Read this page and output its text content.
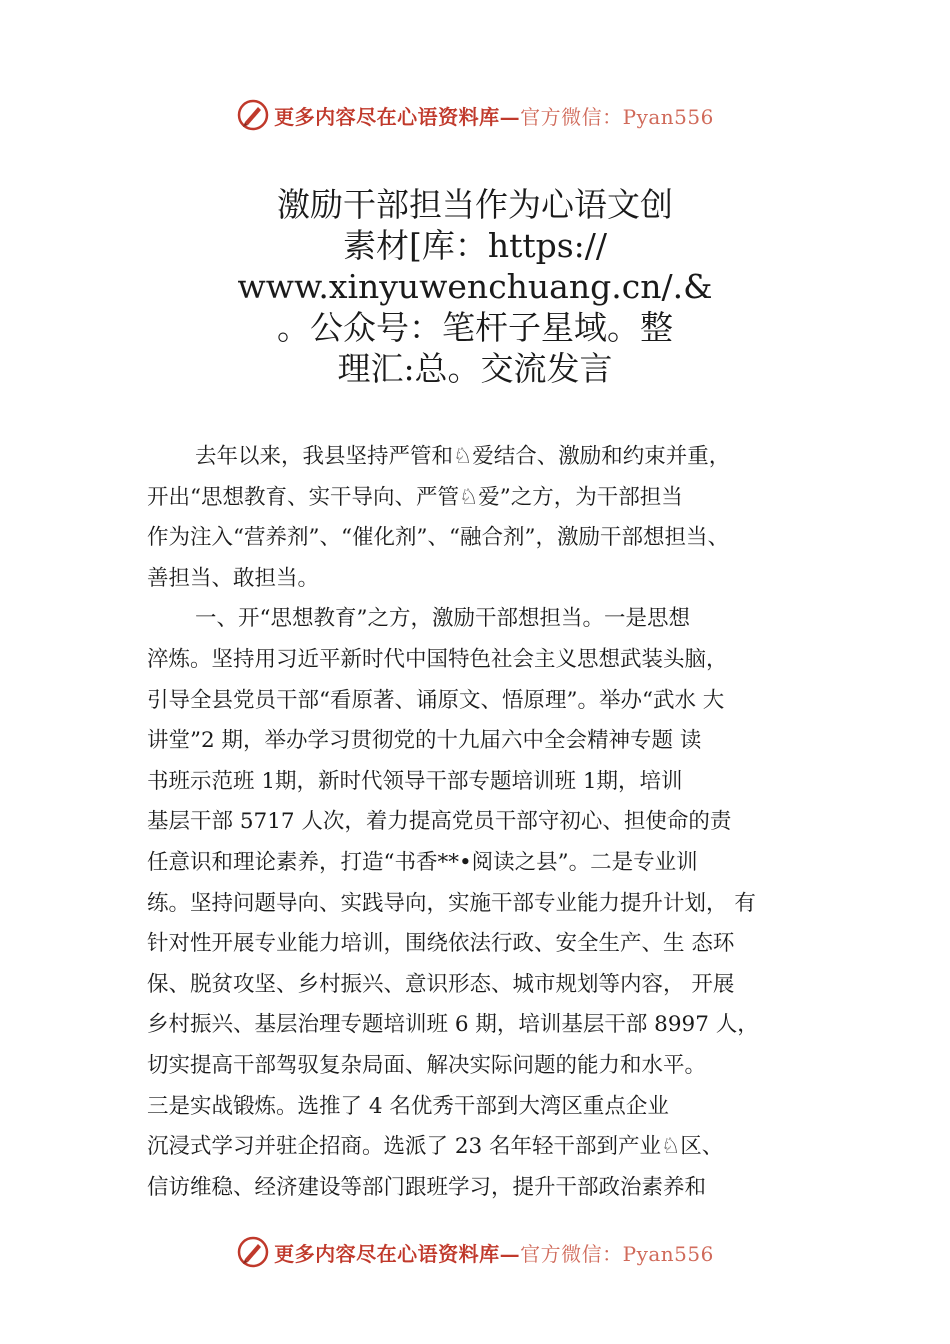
更多内容尽在心语资料库—官方微信：Pyan556
激励干部担当作为心语文创
素材[库：https://
www.xinyuwenchuang.cn/.&
。公众号：笔杆子星域。整
理汇:总。交流发言
去年以来，我县坚持严管和♘爱结合、激励和约束并重，
开出“思想教育、实干导向、严管♘爱”之方，为干部担当
作为注入“营养剂”、“催化剂”、“融合剂”，激励干部想担当、
善担当、敢担当。
一、开“思想教育”之方，激励干部想担当。一是思想
淬炼。坚持用习近平新时代中国特色社会主义思想武装头脑，
引导全县党员干部“看原著、诵原文、悟原理”。举办“武水 大
讲堂”2 期，举办学习贯彻党的十九届六中全会精神专题 读
书班示范班 1期，新时代领导干部专题培训班 1期，培训
基层干部 5717 人次，着力提高党员干部守初心、担使命的责
任意识和理论素养，打造“书香**•阅读之县”。二是专业训
练。坚持问题导向、实践导向，实施干部专业能力提升计划， 有
针对性开展专业能力培训，围绕依法行政、安全生产、生 态环
保、脱贫攻坚、乡村振兴、意识形态、城市规划等内容， 开展
乡村振兴、基层治理专题培训班 6 期，培训基层干部 8997 人，
切实提高干部驾驭复杂局面、解决实际问题的能力和水平。
三是实战锻炼。选推了 4 名优秀干部到大湾区重点企业
沉浸式学习并驻企招商。选派了 23 名年轻干部到产业♘区、
信访维稳、经济建设等部门跟班学习，提升干部政治素养和
更多内容尽在心语资料库—官方微信：Pyan556
